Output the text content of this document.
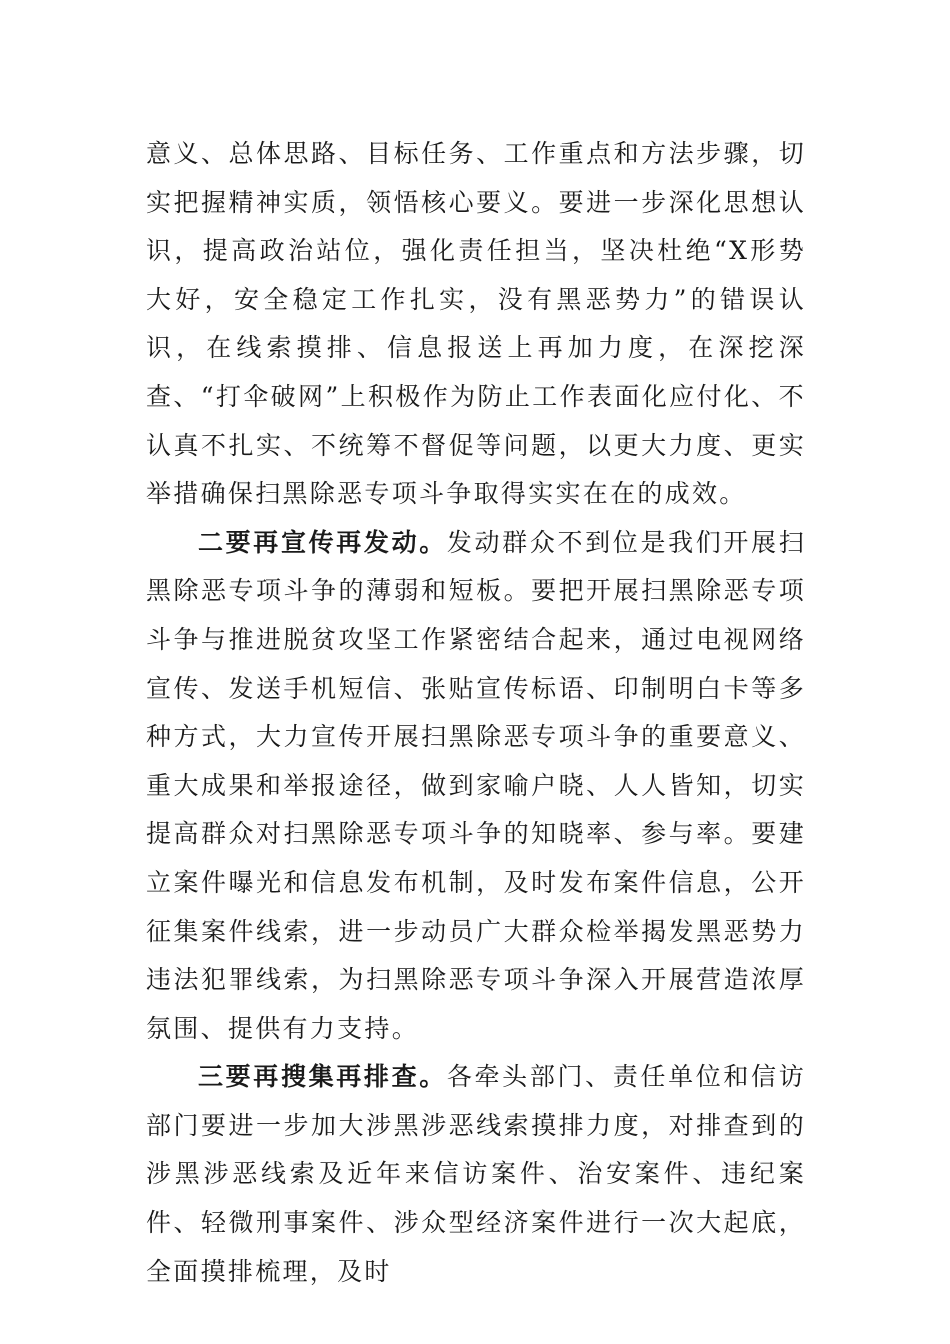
意义、总体思路、目标任务、工作重点和方法步骤，切实把握精神实质，领悟核心要义。要进一步深化思想认识，提高政治站位，强化责任担当，坚决杜绝“X形势大好，安全稳定工作扎实，没有黑恶势力”的错误认识，在线索摸排、信息报送上再加力度，在深挖深查、“打伞破网”上积极作为防止工作表面化应付化、不认真不扎实、不统筹不督促等问题，以更大力度、更实举措确保扫黑除恶专项斗争取得实实在在的成效。

二要再宣传再发动。发动群众不到位是我们开展扫黑除恶专项斗争的薄弱和短板。要把开展扫黑除恶专项斗争与推进脱贫攻坚工作紧密结合起来，通过电视网络宣传、发送手机短信、张贴宣传标语、印制明白卡等多种方式，大力宣传开展扫黑除恶专项斗争的重要意义、重大成果和举报途径，做到家喻户晓、人人皆知，切实提高群众对扫黑除恶专项斗争的知晓率、参与率。要建立案件曝光和信息发布机制，及时发布案件信息，公开征集案件线索，进一步动员广大群众检举揭发黑恶势力违法犯罪线索，为扫黑除恶专项斗争深入开展营造浓厚氛围、提供有力支持。

三要再搜集再排查。各牵头部门、责任单位和信访部门要进一步加大涉黑涉恶线索摸排力度，对排查到的涉黑涉恶线索及近年来信访案件、治安案件、违纪案件、轻微刑事案件、涉众型经济案件进行一次大起底，全面摸排梳理，及时
